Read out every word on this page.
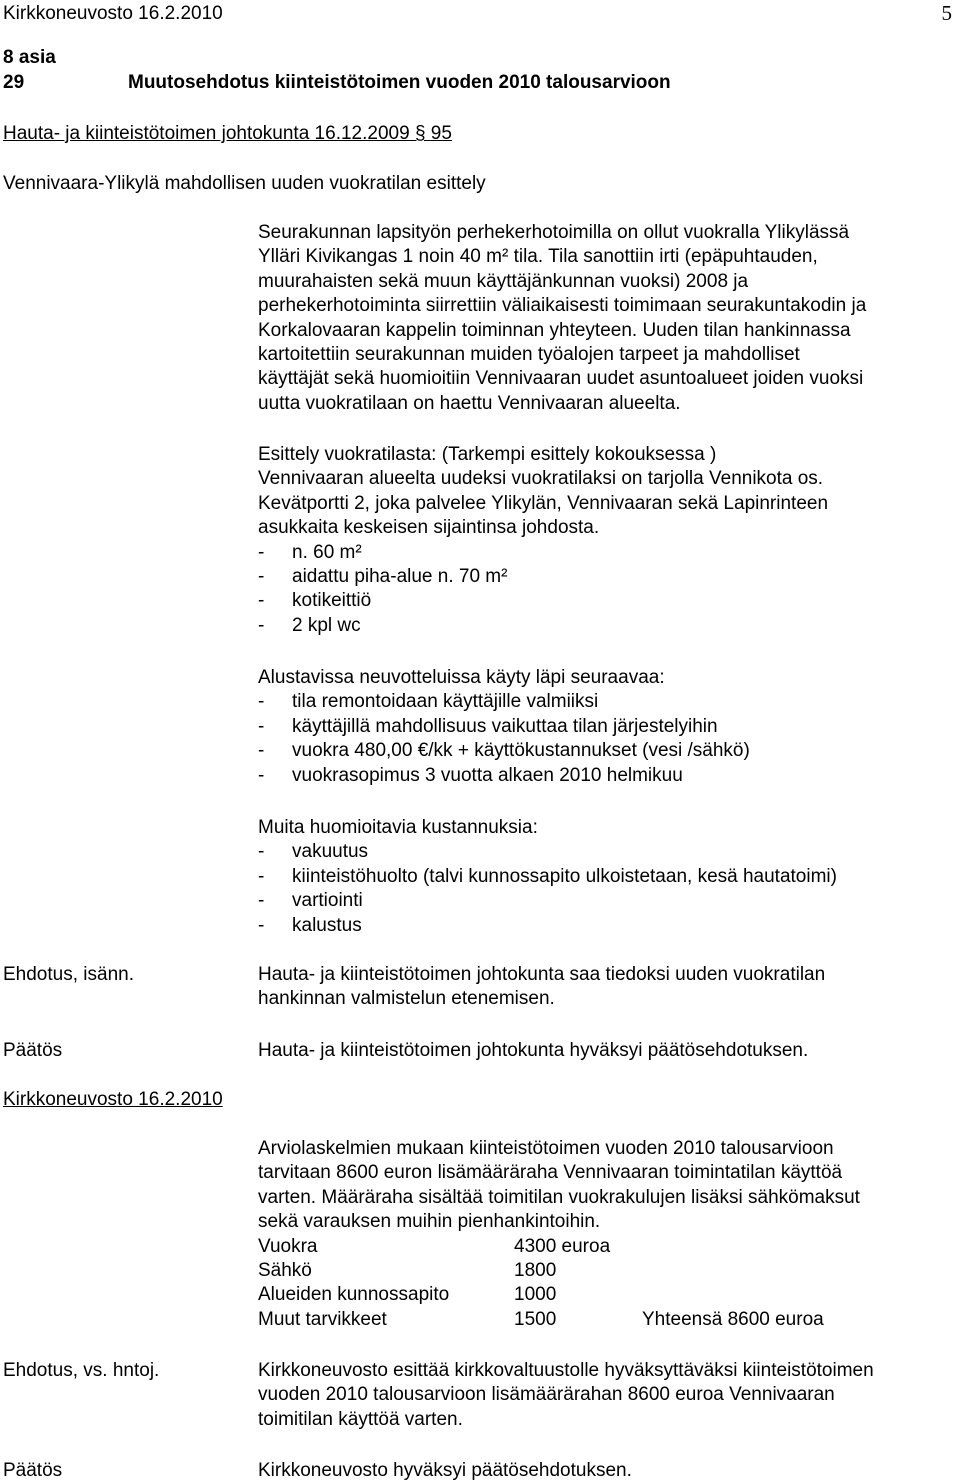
Kirkkoneuvosto 16.2.2010	5
8 asia
29	Muutosehdotus kiinteistötoimen vuoden 2010 talousarvioon
Hauta- ja kiinteistötoimen johtokunta 16.12.2009 § 95
Vennivaara-Ylikylä mahdollisen uuden vuokratilan esittely
Seurakunnan lapsityön perhekerhotoimilla on ollut vuokralla Ylikylässä
Ylläri Kivikangas 1 noin 40 m² tila. Tila sanottiin irti (epäpuhtauden,
muurahaisten sekä muun käyttäjänkunnan vuoksi) 2008 ja
perhekerhotoiminta siirrettiin väliaikaisesti toimimaan seurakuntakodin ja
Korkalovaaran kappelin toiminnan yhteyteen. Uuden tilan hankinnassa
kartoitettiin seurakunnan muiden työalojen tarpeet ja mahdolliset
käyttäjät sekä huomioitiin Vennivaaran uudet asuntoalueet joiden vuoksi
uutta vuokratilaan on haettu Vennivaaran alueelta.
Esittely vuokratilasta: (Tarkempi esittely kokouksessa )
Vennivaaran alueelta uudeksi vuokratilaksi on tarjolla Vennikota os.
Kevätportti 2, joka palvelee Ylikylän, Vennivaaran sekä Lapinrinteen
asukkaita keskeisen sijaintinsa johdosta.
- n. 60 m²
- aidattu piha-alue n. 70 m²
- kotikeittiö
- 2 kpl wc
Alustavissa neuvotteluissa käyty läpi seuraavaa:
- tila remontoidaan käyttäjille valmiiksi
- käyttäjillä mahdollisuus vaikuttaa tilan järjestelyihin
- vuokra 480,00 €/kk + käyttökustannukset (vesi /sähkö)
- vuokrasopimus 3 vuotta alkaen 2010 helmikuu
Muita huomioitavia kustannuksia:
- vakuutus
- kiinteistöhuolto (talvi kunnossapito ulkoistetaan, kesä hautatoimi)
- vartiointi
- kalustus
Ehdotus, isänn.	Hauta- ja kiinteistötoimen johtokunta saa tiedoksi uuden vuokratilan
hankinnan valmistelun etenemisen.
Päätös	Hauta- ja kiinteistötoimen johtokunta hyväksyi päätösehdotuksen.
Kirkkoneuvosto 16.2.2010
Arviolaskelmien mukaan kiinteistötoimen vuoden 2010 talousarvioon
tarvitaan 8600 euron lisämääräraha Vennivaaran toimintatilan käyttöä
varten. Määräraha sisältää toimitilan vuokrakulujen lisäksi sähkömaksut
sekä varauksen muihin pienhankintoihin.
Vuokra	4300 euroa
Sähkö	1800
Alueiden kunnossapito	1000
Muut tarvikkeet	1500	Yhteensä 8600 euroa
Ehdotus, vs. hntoj.	Kirkkoneuvosto esittää kirkkovaltuustolle hyväksyttäväksi kiinteistötoimen
vuoden 2010 talousarvioon lisämäärärahan 8600 euroa Vennivaaran
toimitilan käyttöä varten.
Päätös	Kirkkoneuvosto hyväksyi päätösehdotuksen.
